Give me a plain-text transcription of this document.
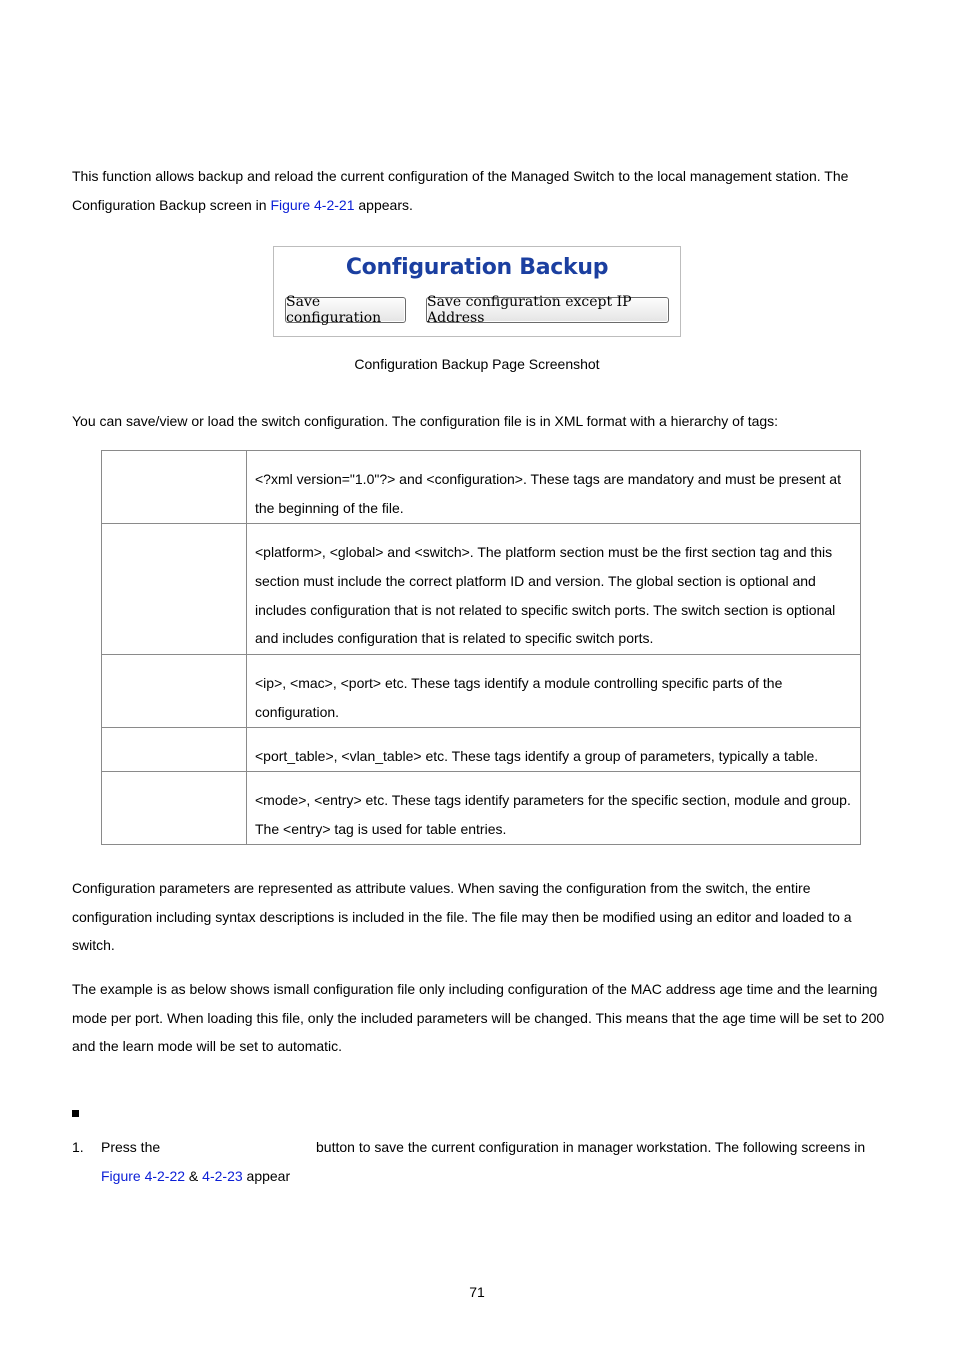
This function allows backup and reload the current configuration of the Managed Switch to the local management station. The
Configuration Backup screen in Figure 4-2-21 appears.
Configuration Backup
Save configuration
Save configuration except IP Address
Configuration Backup Page Screenshot
You can save/view or load the switch configuration. The configuration file is in XML format with a hierarchy of tags:
	<?xml version="1.0"?> and <configuration>. These tags are mandatory and must be present at the beginning of the file.
	<platform>, <global> and <switch>. The platform section must be the first section tag and this section must include the correct platform ID and version. The global section is optional and includes configuration that is not related to specific switch ports. The switch section is optional and includes configuration that is related to specific switch ports.
	<ip>, <mac>, <port> etc. These tags identify a module controlling specific parts of the configuration.
	<port_table>, <vlan_table> etc. These tags identify a group of parameters, typically a table.
	<mode>, <entry> etc. These tags identify parameters for the specific section, module and group. The <entry> tag is used for table entries.
Configuration parameters are represented as attribute values. When saving the configuration from the switch, the entire configuration including syntax descriptions is included in the file. The file may then be modified using an editor and loaded to a switch.
The example is as below shows ismall configuration file only including configuration of the MAC address age time and the learning mode per port. When loading this file, only the included parameters will be changed. This means that the age time will be set to 200 and the learn mode will be set to automatic.
1. Press the	button to save the current configuration in manager workstation. The following screens in
Figure 4-2-22 & 4-2-23 appear
71
